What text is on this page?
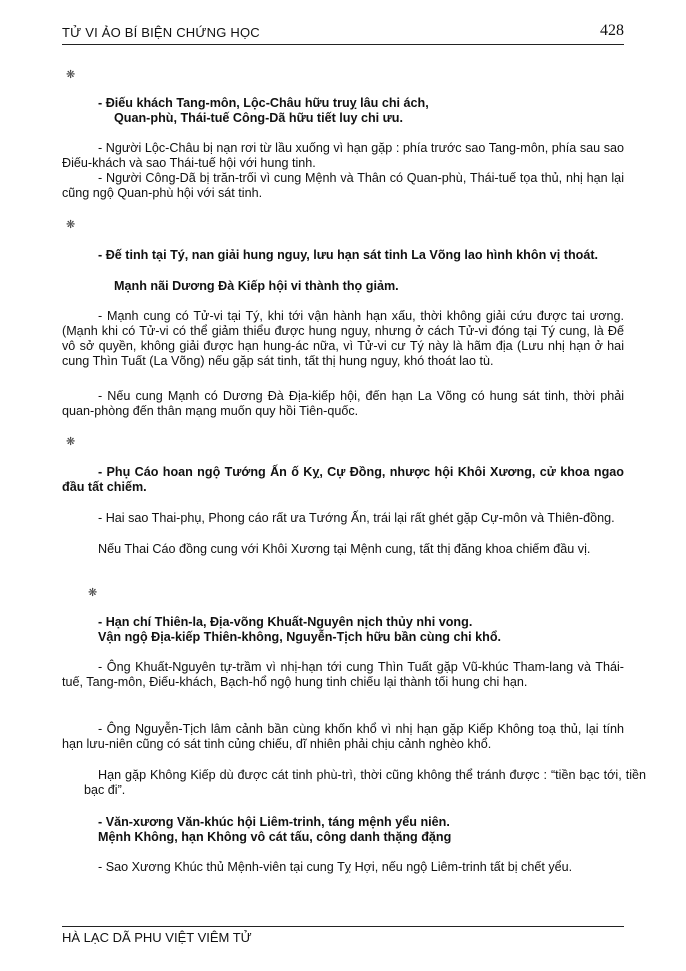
TỬ VI ẢO BÍ BIỆN CHỨNG HỌC	428
❋
- Điếu khách Tang-môn, Lộc-Châu hữu truỵ lâu chi ách,
Quan-phù, Thái-tuế Công-Dã hữu tiết luy chi ưu.
- Người Lộc-Châu bị nạn rơi từ lầu xuống vì hạn gặp : phía trước sao Tang-môn, phía sau sao Điếu-khách và sao Thái-tuế hội với hung tinh.
- Người Công-Dã bị trăn-trối vì cung Mệnh và Thân có Quan-phù, Thái-tuế tọa thủ, nhị hạn lại cũng ngộ Quan-phù hội với sát tinh.
❋
- Đế tinh tại Tý, nan giải hung nguy, lưu hạn sát tinh La Võng lao hình khôn vị thoát.
Mạnh nãi Dương Đà Kiếp hội vi thành thọ giảm.
- Mạnh cung có Tử-vi tại Tý, khi tới vận hành hạn xấu, thời không giải cứu được tai ương. (Mạnh khi có Tử-vi có thể giảm thiểu được hung nguy, nhưng ở cách Tử-vi đóng tại Tý cung, là Đế vô sở quyền, không giải được hạn hung-ác nữa, vì Tử-vi cư Tý này là hãm địa (Lưu nhị hạn ở hai cung Thìn Tuất (La Võng) nếu gặp sát tinh, tất thị hung nguy, khó thoát lao tù.
- Nếu cung Mạnh có Dương Đà Địa-kiếp hội, đến hạn La Võng có hung sát tinh, thời phải quan-phòng đến thân mạng muốn quy hồi Tiên-quốc.
❋
- Phụ Cáo hoan ngộ Tướng Ấn ố Kỵ, Cự Đồng, nhược hội Khôi Xương, cử khoa ngao đầu tất chiếm.
- Hai sao Thai-phụ, Phong cáo rất ưa Tướng Ấn, trái lại rất ghét gặp Cự-môn và Thiên-đồng.
Nếu Thai Cáo đồng cung với Khôi Xương tại Mệnh cung, tất thị đăng khoa chiếm đầu vị.
❋
- Hạn chí Thiên-la, Địa-võng Khuất-Nguyên nịch thủy nhi vong.
Vận ngộ Địa-kiếp Thiên-không, Nguyễn-Tịch hữu bần cùng chi khổ.
- Ông Khuất-Nguyên tự-trầm vì nhị-hạn tới cung Thìn Tuất gặp Vũ-khúc Tham-lang và Thái-tuế, Tang-môn, Điếu-khách, Bạch-hổ ngộ hung tinh chiếu lại thành tối hung chi hạn.
- Ông Nguyễn-Tịch lâm cảnh bần cùng khốn khổ vì nhị hạn gặp Kiếp Không toạ thủ, lại tính hạn lưu-niên cũng có sát tinh củng chiếu, dĩ nhiên phải chịu cảnh nghèo khổ.
Hạn gặp Không Kiếp dù được cát tinh phù-trì, thời cũng không thể tránh được : “tiền bạc tới, tiền bạc đi”.
- Văn-xương Văn-khúc hội Liêm-trinh, táng mệnh yểu niên.
Mệnh Không, hạn Không vô cát tấu, công danh thặng đặng
- Sao Xương Khúc thủ Mệnh-viên tại cung Tỵ Hợi, nếu ngộ Liêm-trinh tất bị chết yểu.
HÀ LẠC DÃ PHU VIỆT VIÊM TỬ
